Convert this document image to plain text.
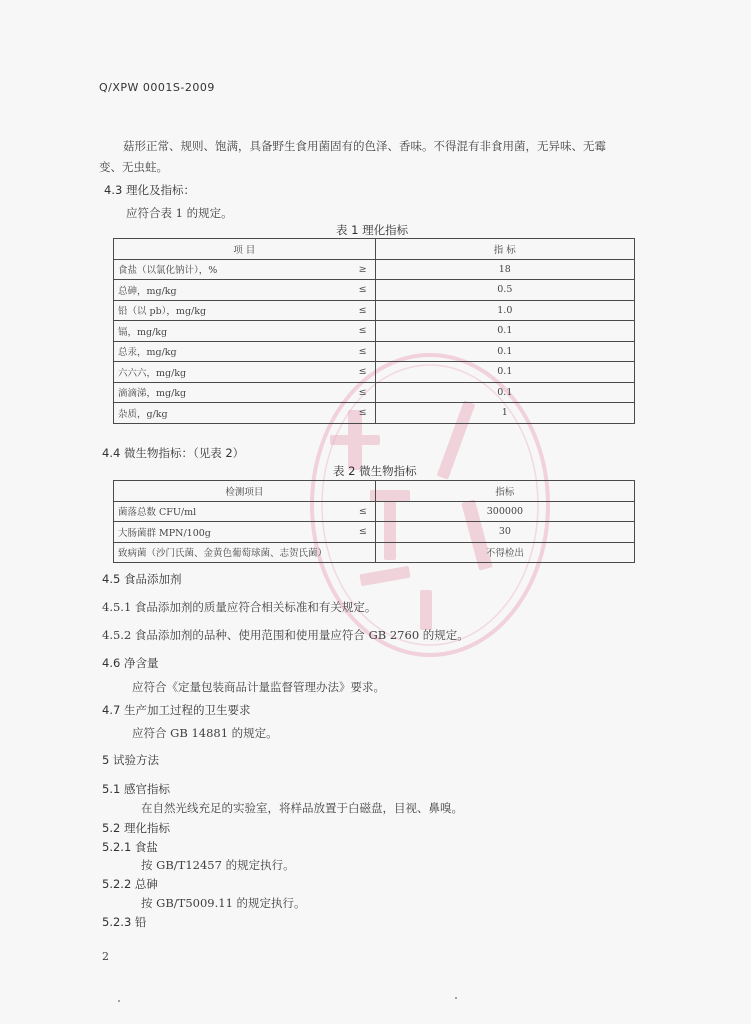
Q/XPW 0001S-2009
菇形正常、规则、饱满，具备野生食用菌固有的色泽、香味。不得混有非食用菌，无异味、无霉
变、无虫蛀。
4.3 理化及指标：
应符合表 1 的规定。
表 1 理化指标
项 目		指 标
食盐（以氯化钠计），%	≥	18
总砷，mg/kg	≤	0.5
铅（以 pb），mg/kg	≤	1.0
镉，mg/kg	≤	0.1
总汞，mg/kg	≤	0.1
六六六，mg/kg	≤	0.1
滴滴涕，mg/kg	≤	0.1
杂质，g/kg	≤	1
4.4 微生物指标：（见表 2）
表 2 微生物指标
检测项目		指标
菌落总数 CFU/ml	≤	300000
大肠菌群 MPN/100g	≤	30
致病菌（沙门氏菌、金黄色葡萄球菌、志贺氏菌）		不得检出
4.5 食品添加剂
4.5.1 食品添加剂的质量应符合相关标准和有关规定。
4.5.2 食品添加剂的品种、使用范围和使用量应符合 GB 2760 的规定。
4.6 净含量
应符合《定量包装商品计量监督管理办法》要求。
4.7 生产加工过程的卫生要求
应符合 GB 14881 的规定。
5 试验方法
5.1 感官指标
在自然光线充足的实验室，将样品放置于白磁盘，目视、鼻嗅。
5.2 理化指标
5.2.1 食盐
按 GB/T12457 的规定执行。
5.2.2 总砷
按 GB/T5009.11 的规定执行。
5.2.3 铅
2
